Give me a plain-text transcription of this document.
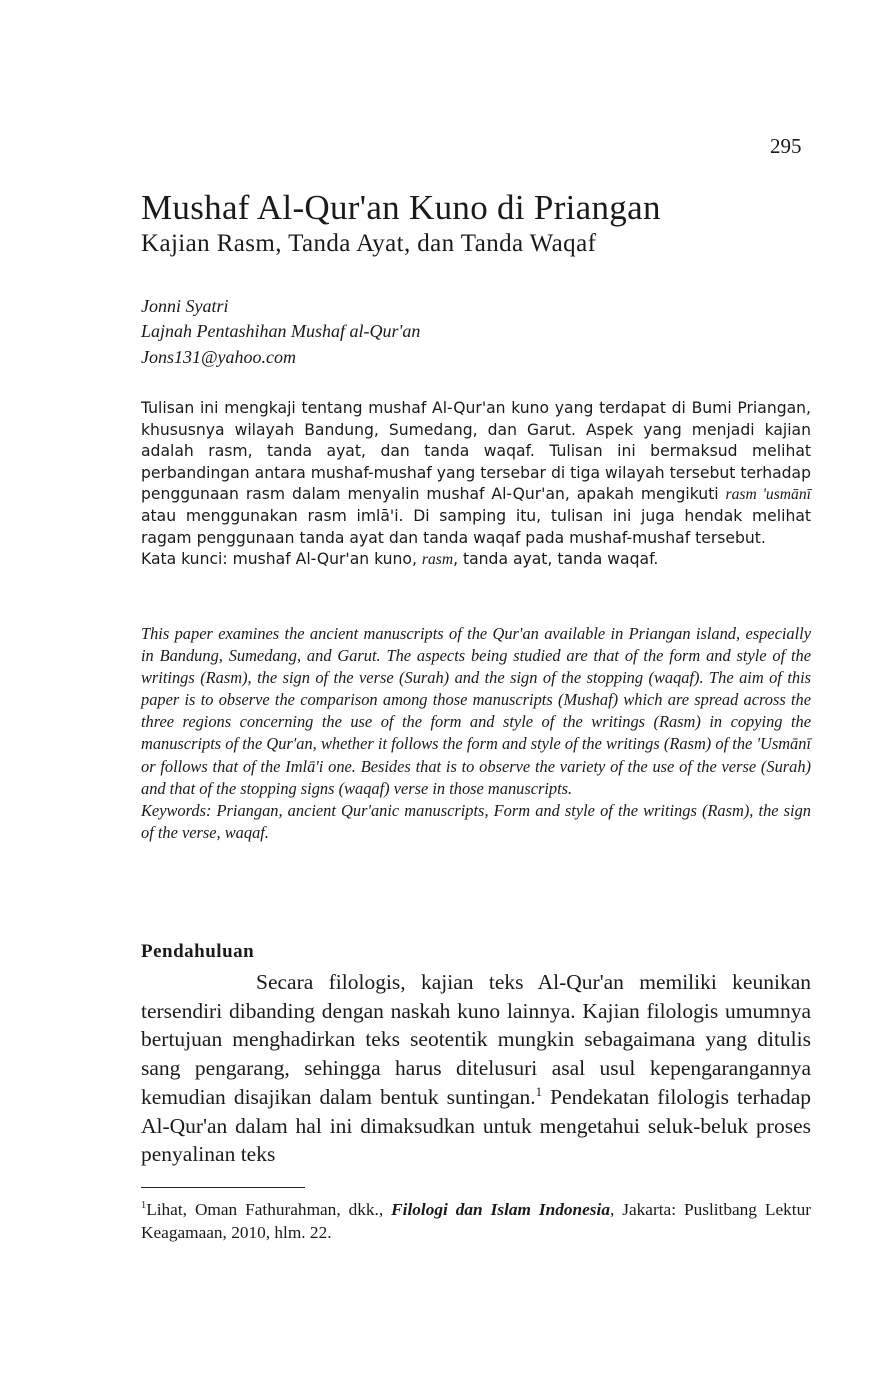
295
Mushaf Al-Qur'an Kuno di Priangan
Kajian Rasm, Tanda Ayat, dan Tanda Waqaf
Jonni Syatri
Lajnah Pentashihan Mushaf al-Qur'an
Jons131@yahoo.com

Tulisan ini mengkaji tentang mushaf Al-Qur'an kuno yang terdapat di Bumi Priangan, khususnya wilayah Bandung, Sumedang, dan Garut. Aspek yang menjadi kajian adalah rasm, tanda ayat, dan tanda waqaf. Tulisan ini bermaksud melihat perbandingan antara mushaf-mushaf yang tersebar di tiga wilayah tersebut terhadap penggunaan rasm dalam menyalin mushaf Al-Qur'an, apakah mengikuti rasm 'usmānī atau menggunakan rasm imlā'i. Di samping itu, tulisan ini juga hendak melihat ragam penggunaan tanda ayat dan tanda waqaf pada mushaf-mushaf tersebut.

Kata kunci: mushaf Al-Qur'an kuno, rasm, tanda ayat, tanda waqaf.

This paper examines the ancient manuscripts of the Qur'an available in Priangan island, especially in Bandung, Sumedang, and Garut. The aspects being studied are that of the form and style of the writings (Rasm), the sign of the verse (Surah) and the sign of the stopping (waqaf). The aim of this paper is to observe the comparison among those manuscripts (Mushaf) which are spread across the three regions concerning the use of the form and style of the writings (Rasm) in copying the manuscripts of the Qur'an, whether it follows the form and style of the writings (Rasm) of the 'Usmānī or follows that of the Imlā'i one. Besides that is to observe the variety of the use of the verse (Surah) and that of the stopping signs (waqaf) verse in those manuscripts.

Keywords: Priangan, ancient Qur'anic manuscripts, Form and style of the writings (Rasm), the sign of the verse, waqaf.

Pendahuluan

Secara filologis, kajian teks Al-Qur'an memiliki keunikan tersendiri dibanding dengan naskah kuno lainnya. Kajian filologis umumnya bertujuan menghadirkan teks seotentik mungkin sebagaimana yang ditulis sang pengarang, sehingga harus ditelusuri asal usul kepengarangannya kemudian disajikan dalam bentuk suntingan.$^1$ Pendekatan filologis terhadap Al-Qur'an dalam hal ini dimaksudkan untuk mengetahui seluk-beluk proses penyalinan teks

$^1$Lihat, Oman Fathurahman, dkk., Filologi dan Islam Indonesia, Jakarta: Puslitbang Lektur Keagamaan, 2010, hlm. 22.
